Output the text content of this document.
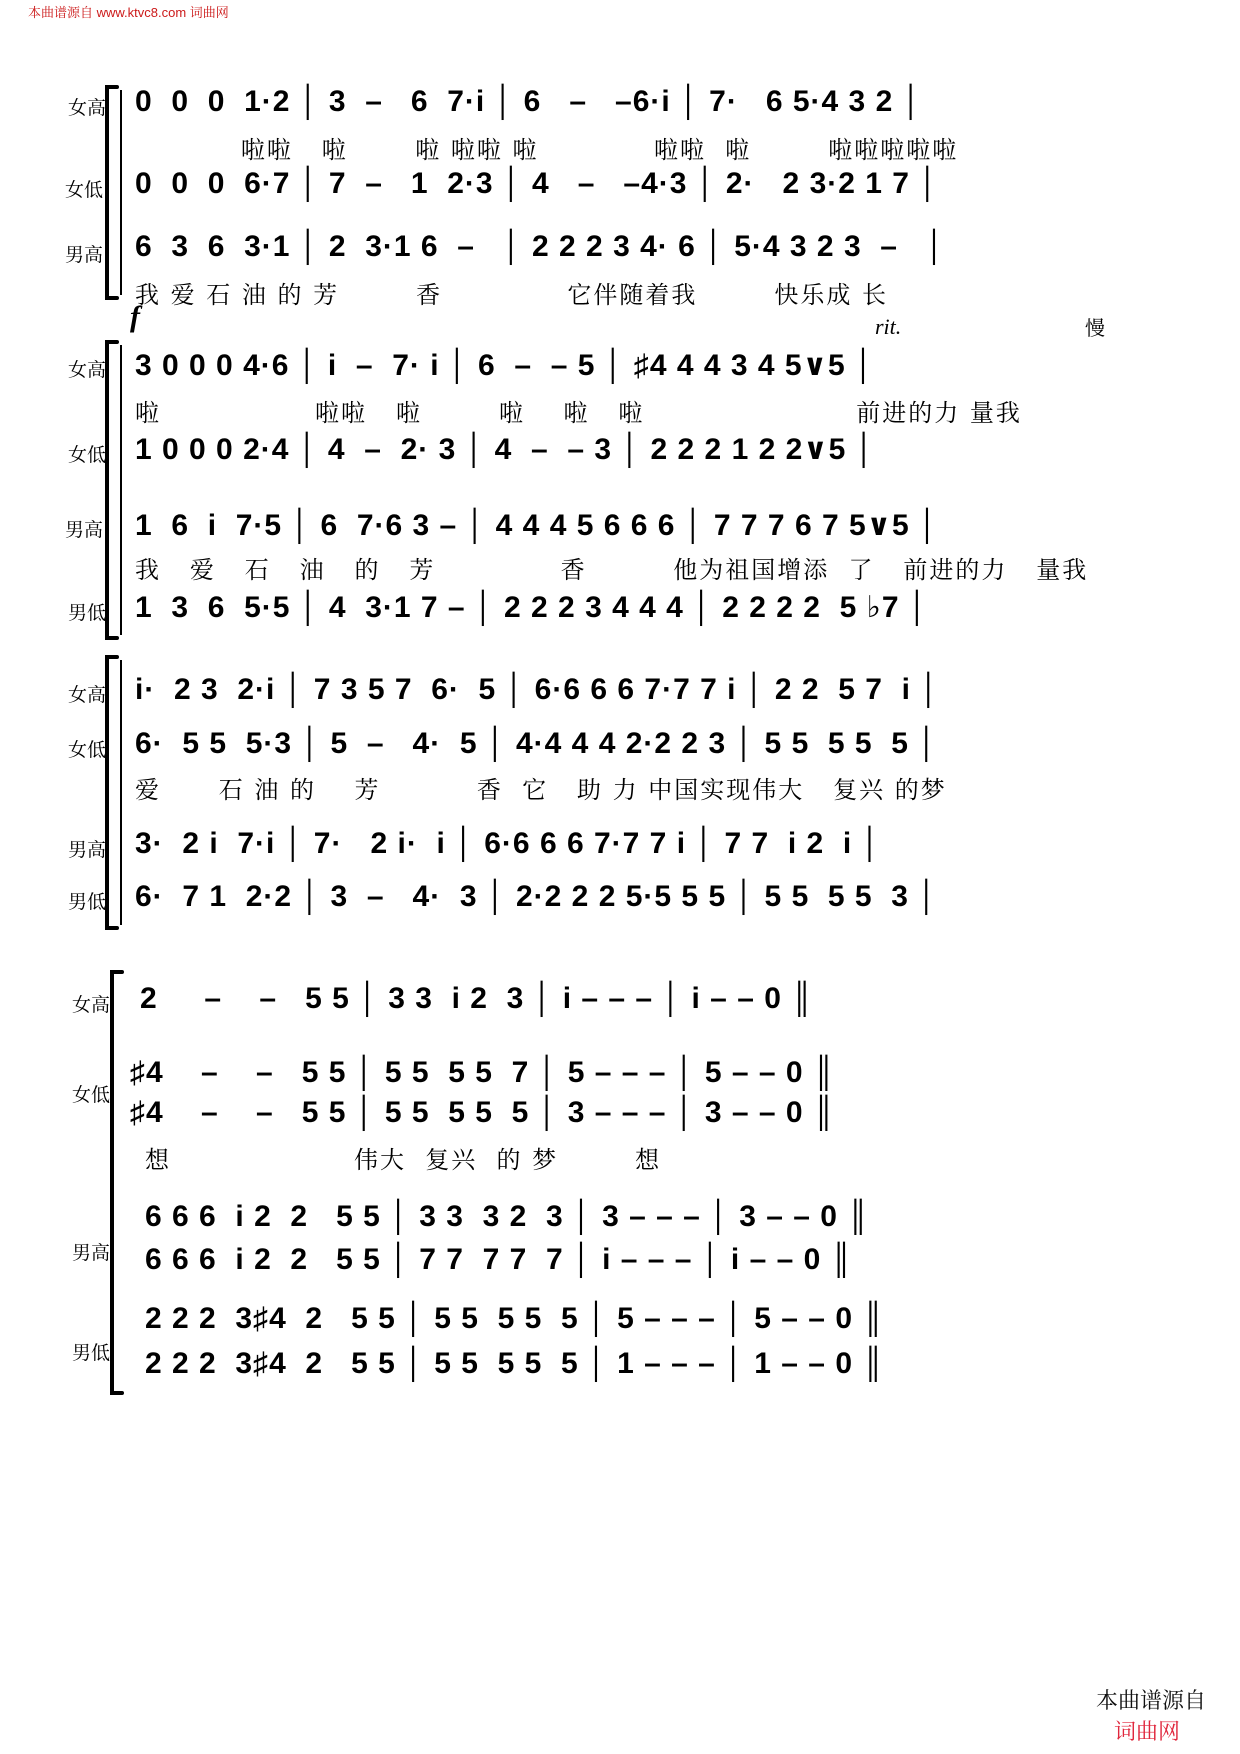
本曲谱源自 www.ktvc8.com 词曲网
女高 0  0  0  1·2 │ 3  –   6  7·i │ 6   –   –6·i │ 7·   6 5·4 3 2 │
啦啦   啦       啦 啦啦 啦            啦啦  啦        啦啦啦啦啦
女低 0  0  0  6·7 │ 7  –   1  2·3 │ 4   –   –4·3 │ 2·   2 3·2 1 7 │
男高 6  3  6  3·1 │ 2  3·1 6  –   │ 2 2 2 3 4· 6 │ 5·4 3 2 3  –   │
我 爱 石 油 的 芳        香             它伴随着我        快乐成 长
f	rit.	慢
女高 3 0 0 0 4·6 │ i  –  7· i │ 6  –  – 5 │ ♯4 4 4 3 4 5∨5 │
啦                啦啦   啦        啦    啦   啦                      前进的力 量我
女低 1 0 0 0 2·4 │ 4  –  2· 3 │ 4  –  – 3 │ 2 2 2 1 2 2∨5 │
男高 1  6  i  7·5 │ 6  7·6 3 – │ 4 4 4 5 6 6 6 │ 7 7 7 6 7 5∨5 │
我   爱   石   油   的   芳             香         他为祖国增添  了   前进的力   量我
男低 1  3  6  5·5 │ 4  3·1 7 – │ 2 2 2 3 4 4 4 │ 2 2 2 2  5 ♭7 │
女高 i·  2 3  2·i │ 7 3 5 7  6·  5 │ 6·6 6 6 7·7 7 i │ 2 2  5 7  i │
女低 6·  5 5  5·3 │ 5  –   4·  5 │ 4·4 4 4 2·2 2 3 │ 5 5  5 5  5 │
爱      石 油 的    芳          香  它   助 力 中国实现伟大   复兴 的梦
男高 3·  2 i  7·i │ 7·   2 i·  i │ 6·6 6 6 7·7 7 i │ 7 7  i 2  i │
男低 6·  7 1  2·2 │ 3  –   4·  3 │ 2·2 2 2 5·5 5 5 │ 5 5  5 5  3 │
女高 2     –    –   5 5 │ 3 3  i 2  3 │ i – – – │ i – – 0 ║
女低
♯4    –    –   5 5 │ 5 5  5 5  7 │ 5 – – – │ 5 – – 0 ║
♯4    –    –   5 5 │ 5 5  5 5  5 │ 3 – – – │ 3 – – 0 ║
想                   伟大  复兴  的 梦        想
男高
6 6 6  i 2  2   5 5 │ 3 3  3 2  3 │ 3 – – – │ 3 – – 0 ║
6 6 6  i 2  2   5 5 │ 7 7  7 7  7 │ i – – – │ i – – 0 ║
男低
2 2 2  3♯4  2   5 5 │ 5 5  5 5  5 │ 5 – – – │ 5 – – 0 ║
2 2 2  3♯4  2   5 5 │ 5 5  5 5  5 │ 1 – – – │ 1 – – 0 ║

本曲谱源自
词曲网
